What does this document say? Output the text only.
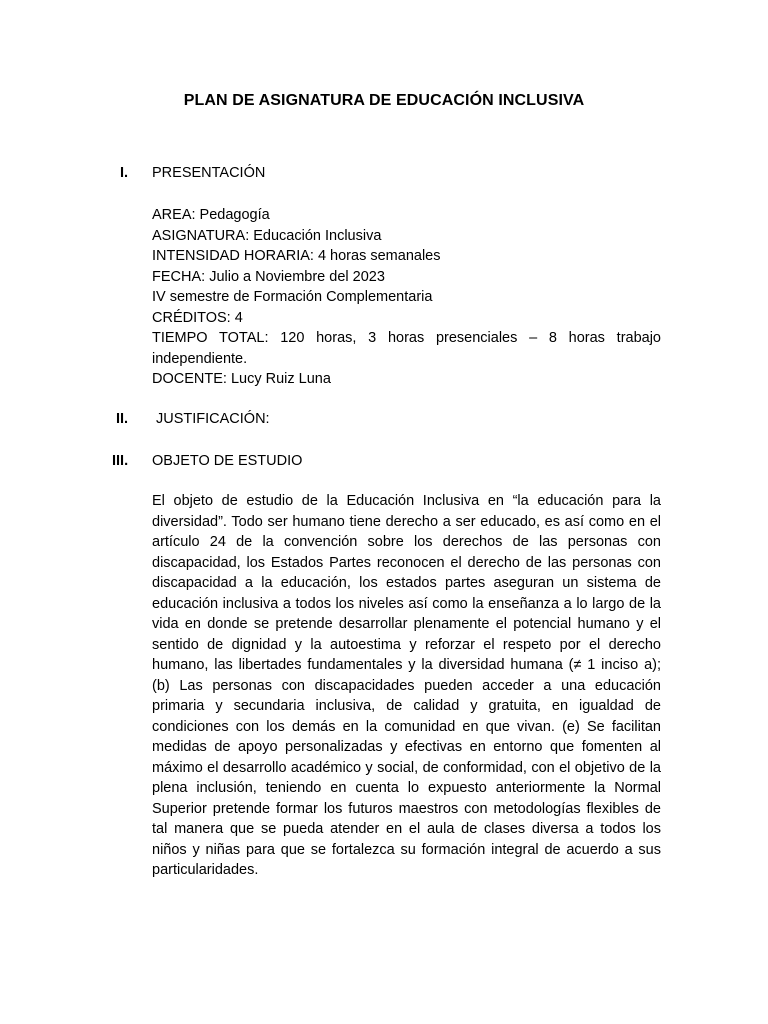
PLAN DE ASIGNATURA DE EDUCACIÓN INCLUSIVA
I. PRESENTACIÓN
AREA: Pedagogía
ASIGNATURA: Educación Inclusiva
INTENSIDAD HORARIA: 4 horas semanales
FECHA: Julio a Noviembre del 2023
IV semestre de Formación Complementaria
CRÉDITOS: 4
TIEMPO TOTAL: 120 horas, 3 horas presenciales – 8 horas trabajo independiente.
DOCENTE: Lucy Ruiz Luna
II. JUSTIFICACIÓN:
III. OBJETO DE ESTUDIO

El objeto de estudio de la Educación Inclusiva en “la educación para la diversidad”. Todo ser humano tiene derecho a ser educado, es así como en el artículo 24 de la convención sobre los derechos de las personas con discapacidad, los Estados Partes reconocen el derecho de las personas con discapacidad a la educación, los estados partes aseguran un sistema de educación inclusiva a todos los niveles así como la enseñanza a lo largo de la vida en donde se pretende desarrollar plenamente el potencial humano y el sentido de dignidad y la autoestima y reforzar el respeto por el derecho humano, las libertades fundamentales y la diversidad humana (≠ 1 inciso a); (b) Las personas con discapacidades pueden acceder a una educación primaria y secundaria inclusiva, de calidad y gratuita, en igualdad de condiciones con los demás en la comunidad en que vivan. (e) Se facilitan medidas de apoyo personalizadas y efectivas en entorno que fomenten al máximo el desarrollo académico y social, de conformidad, con el objetivo de la plena inclusión, teniendo en cuenta lo expuesto anteriormente la Normal Superior pretende formar los futuros maestros con metodologías flexibles de tal manera que se pueda atender en el aula de clases diversa a todos los niños y niñas para que se fortalezca su formación integral de acuerdo a sus particularidades.
